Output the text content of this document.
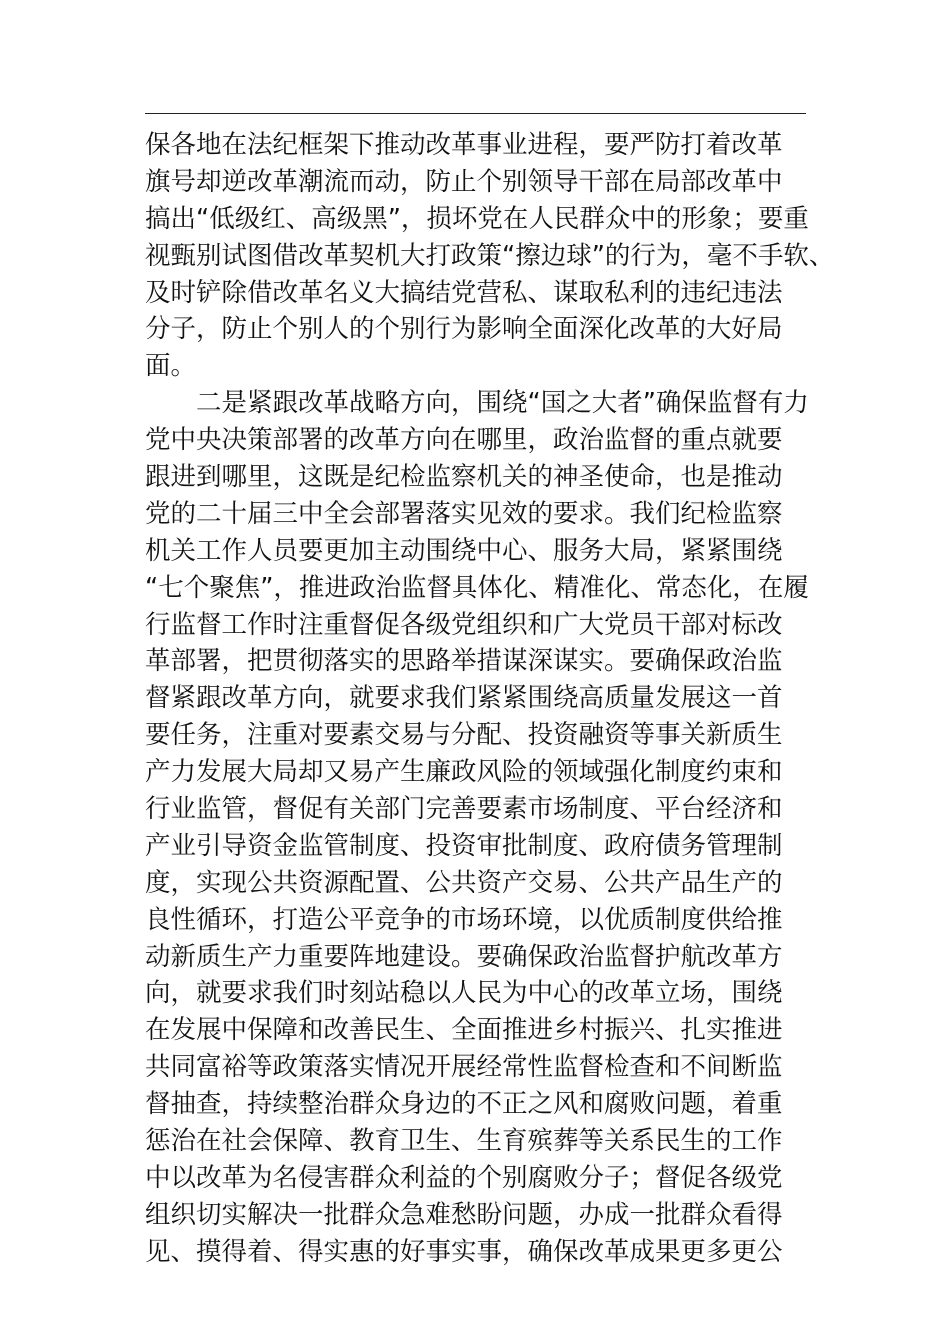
保各地在法纪框架下推动改革事业进程，要严防打着改革
旗号却逆改革潮流而动，防止个别领导干部在局部改革中
搞出“低级红、高级黑”，损坏党在人民群众中的形象；要重
视甄别试图借改革契机大打政策“擦边球”的行为，毫不手软、
及时铲除借改革名义大搞结党营私、谋取私利的违纪违法
分子，防止个别人的个别行为影响全面深化改革的大好局
面。
二是紧跟改革战略方向，围绕“国之大者”确保监督有力
党中央决策部署的改革方向在哪里，政治监督的重点就要
跟进到哪里，这既是纪检监察机关的神圣使命，也是推动
党的二十届三中全会部署落实见效的要求。我们纪检监察
机关工作人员要更加主动围绕中心、服务大局，紧紧围绕
“七个聚焦”，推进政治监督具体化、精准化、常态化，在履
行监督工作时注重督促各级党组织和广大党员干部对标改
革部署，把贯彻落实的思路举措谋深谋实。要确保政治监
督紧跟改革方向，就要求我们紧紧围绕高质量发展这一首
要任务，注重对要素交易与分配、投资融资等事关新质生
产力发展大局却又易产生廉政风险的领域强化制度约束和
行业监管，督促有关部门完善要素市场制度、平台经济和
产业引导资金监管制度、投资审批制度、政府债务管理制
度，实现公共资源配置、公共资产交易、公共产品生产的
良性循环，打造公平竞争的市场环境，以优质制度供给推
动新质生产力重要阵地建设。要确保政治监督护航改革方
向，就要求我们时刻站稳以人民为中心的改革立场，围绕
在发展中保障和改善民生、全面推进乡村振兴、扎实推进
共同富裕等政策落实情况开展经常性监督检查和不间断监
督抽查，持续整治群众身边的不正之风和腐败问题，着重
惩治在社会保障、教育卫生、生育殡葬等关系民生的工作
中以改革为名侵害群众利益的个别腐败分子；督促各级党
组织切实解决一批群众急难愁盼问题，办成一批群众看得
见、摸得着、得实惠的好事实事，确保改革成果更多更公
